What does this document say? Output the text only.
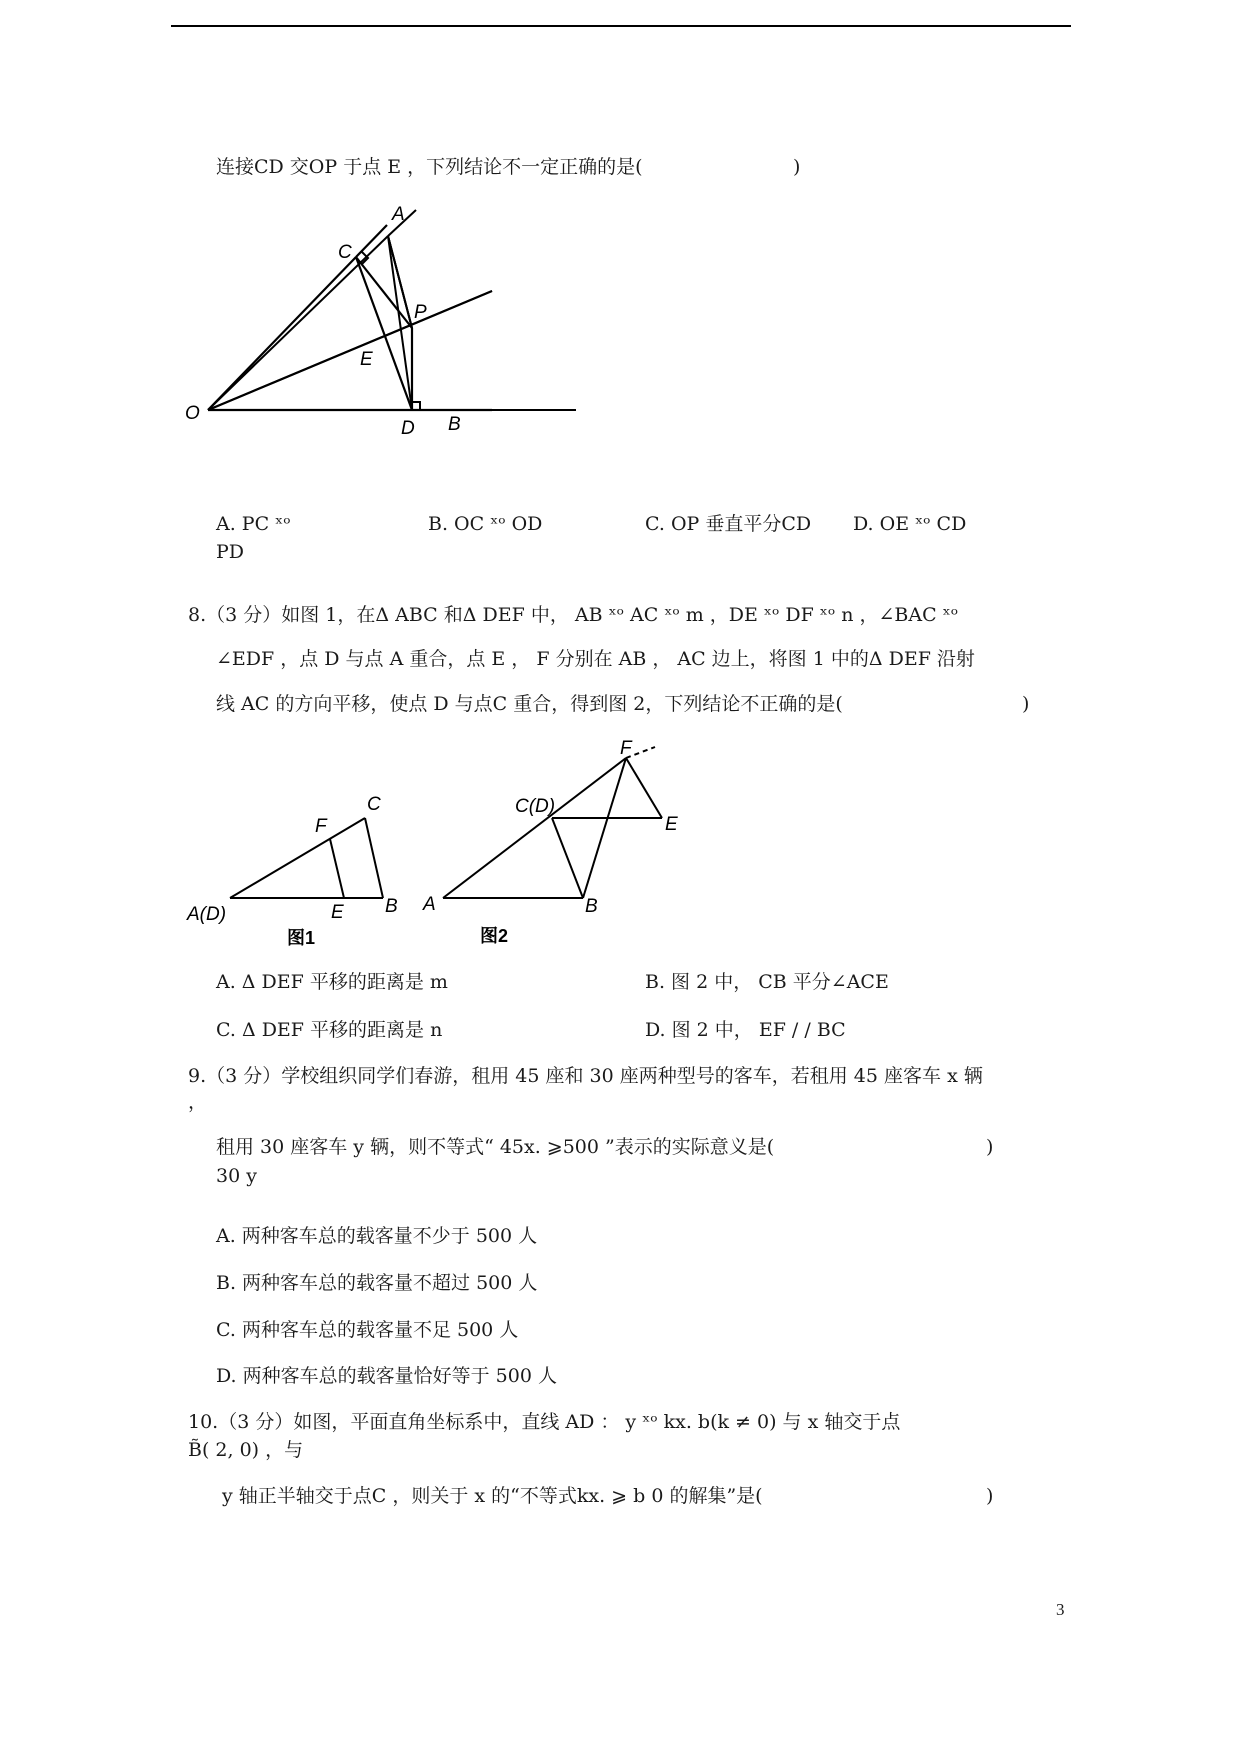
连接CD 交OP 于点 E ，下列结论不一定正确的是(	)
A
C
P
E
O
D B
A. PC ˣᵒ
PD
B. OC ˣᵒ OD	C. OP 垂直平分CD D. OE ˣᵒ CD
8.（3 分）如图 1，在Δ ABC 和Δ DEF 中， AB ˣᵒ AC ˣᵒ m ，DE ˣᵒ DF ˣᵒ n ，∠BAC ˣᵒ
∠EDF ，点 D 与点 A 重合，点 E ， F 分别在 AB ， AC 边上，将图 1 中的Δ DEF 沿射
线 AC 的方向平移，使点 D 与点C 重合，得到图 2，下列结论不正确的是(	)
C
F
A(D)	E B
图1
F
C(D)
E
A	B
图2
A. Δ DEF 平移的距离是 m	B. 图 2 中， CB 平分∠ACE
C. Δ DEF 平移的距离是 n	D. 图 2 中， EF / / BC
9.（3 分）学校组织同学们春游，租用 45 座和 30 座两种型号的客车，若租用 45 座客车 x 辆
，
租用 30 座客车 y 辆，则不等式“ 45x. ⩾500 ”表示的实际意义是(	)
30 y
A. 两种客车总的载客量不少于 500 人
B. 两种客车总的载客量不超过 500 人
C. 两种客车总的载客量不足 500 人
D. 两种客车总的载客量恰好等于 500 人
10.（3 分）如图，平面直角坐标系中，直线 AD ： y ˣᵒ kx. b(k ≠ 0) 与 x 轴交于点
B̃( 2, 0) ，与
y 轴正半轴交于点C ，则关于 x 的“不等式kx. ⩾ b 0 的解集”是(	)
3
